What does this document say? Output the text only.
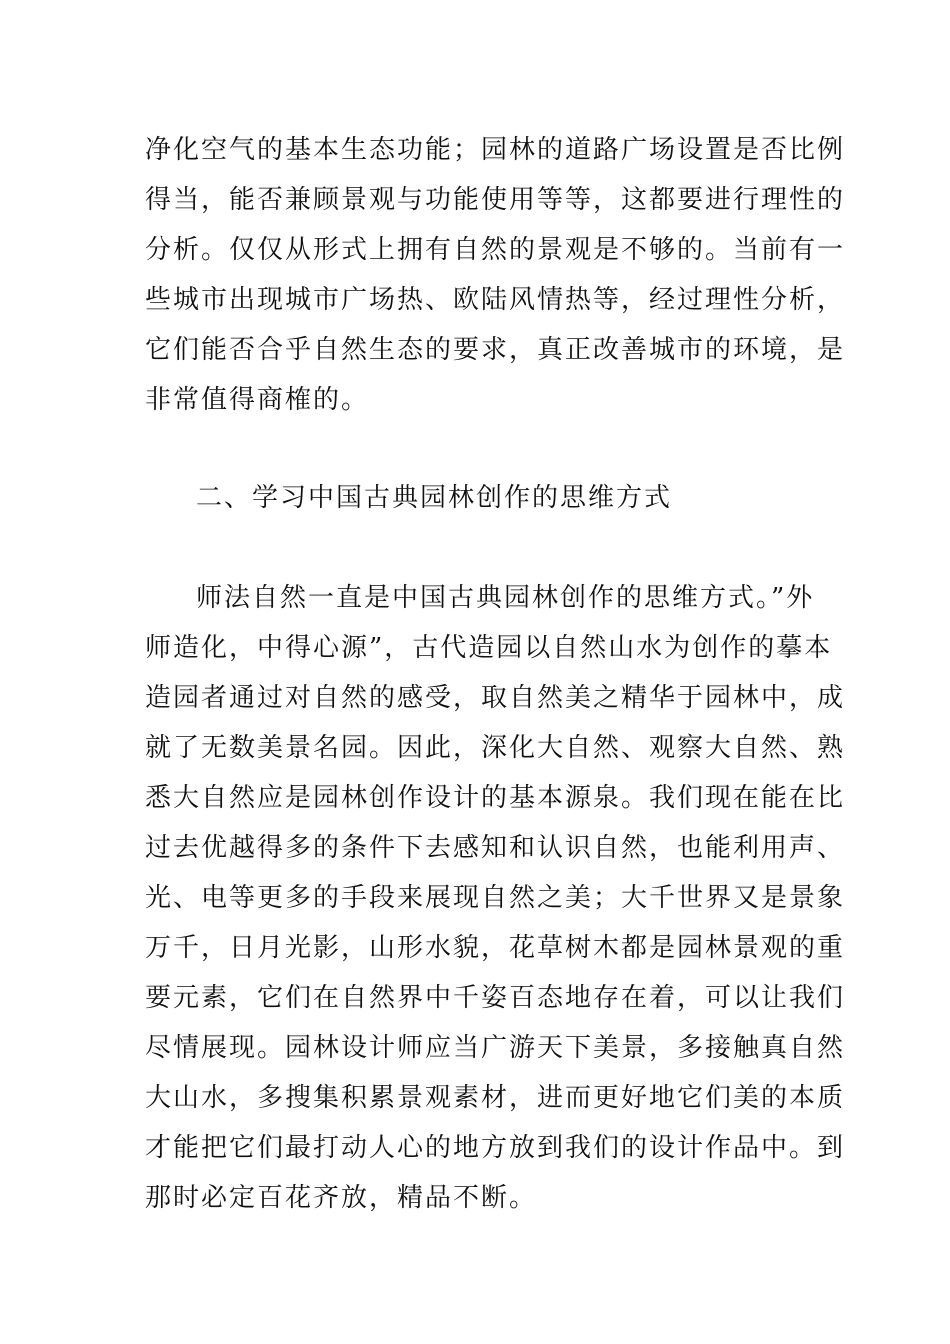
净化空气的基本生态功能；园林的道路广场设置是否比例

得当，能否兼顾景观与功能使用等等，这都要进行理性的

分析。仅仅从形式上拥有自然的景观是不够的。当前有一

些城市出现城市广场热、欧陆风情热等，经过理性分析，

它们能否合乎自然生态的要求，真正改善城市的环境，是

非常值得商榷的。

二、学习中国古典园林创作的思维方式

师法自然一直是中国古典园林创作的思维方式。”外

师造化，中得心源”，古代造园以自然山水为创作的摹本

造园者通过对自然的感受，取自然美之精华于园林中，成

就了无数美景名园。因此，深化大自然、观察大自然、熟

悉大自然应是园林创作设计的基本源泉。我们现在能在比

过去优越得多的条件下去感知和认识自然，也能利用声、

光、电等更多的手段来展现自然之美；大千世界又是景象

万千，日月光影，山形水貌，花草树木都是园林景观的重

要元素，它们在自然界中千姿百态地存在着，可以让我们

尽情展现。园林设计师应当广游天下美景，多接触真自然

大山水，多搜集积累景观素材，进而更好地它们美的本质

才能把它们最打动人心的地方放到我们的设计作品中。到

那时必定百花齐放，精品不断。
